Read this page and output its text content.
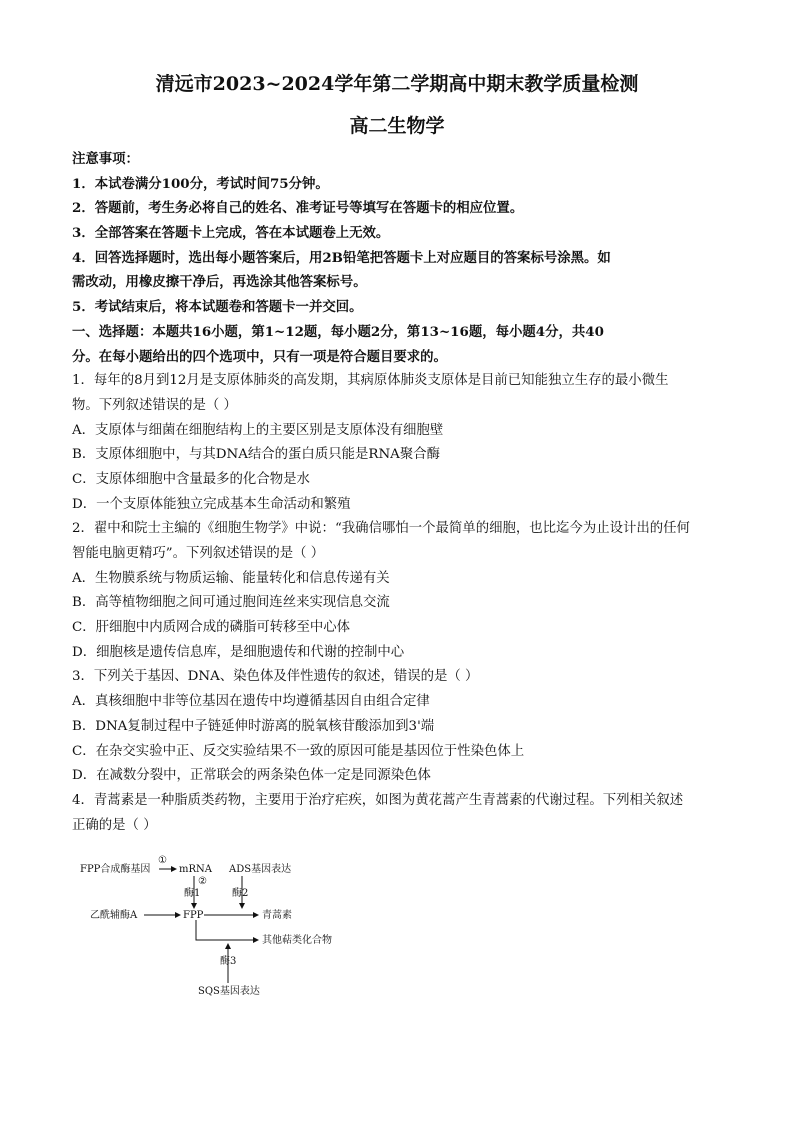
清远市2023~2024学年第二学期高中期末教学质量检测
高二生物学
注意事项：
1．本试卷满分100分，考试时间75分钟。
2．答题前，考生务必将自己的姓名、准考证号等填写在答题卡的相应位置。
3．全部答案在答题卡上完成，答在本试题卷上无效。
4．回答选择题时，选出每小题答案后，用2B铅笔把答题卡上对应题目的答案标号涂黑。如
需改动，用橡皮擦干净后，再选涂其他答案标号。
5．考试结束后，将本试题卷和答题卡一并交回。
一、选择题：本题共16小题，第1~12题，每小题2分，第13~16题，每小题4分，共40
分。在每小题给出的四个选项中，只有一项是符合题目要求的。
1．每年的8月到12月是支原体肺炎的高发期，其病原体肺炎支原体是目前已知能独立生存的最小微生
物。下列叙述错误的是（ ）
A．支原体与细菌在细胞结构上的主要区别是支原体没有细胞壁
B．支原体细胞中，与其DNA结合的蛋白质只能是RNA聚合酶
C．支原体细胞中含量最多的化合物是水
D．一个支原体能独立完成基本生命活动和繁殖
2．翟中和院士主编的《细胞生物学》中说：“我确信哪怕一个最简单的细胞，也比迄今为止设计出的任何
智能电脑更精巧”。下列叙述错误的是（ ）
A．生物膜系统与物质运输、能量转化和信息传递有关
B．高等植物细胞之间可通过胞间连丝来实现信息交流
C．肝细胞中内质网合成的磷脂可转移至中心体
D．细胞核是遗传信息库，是细胞遗传和代谢的控制中心
3．下列关于基因、DNA、染色体及伴性遗传的叙述，错误的是（ ）
A．真核细胞中非等位基因在遗传中均遵循基因自由组合定律
B．DNA复制过程中子链延伸时游离的脱氧核苷酸添加到3'端
C．在杂交实验中正、反交实验结果不一致的原因可能是基因位于性染色体上
D．在减数分裂中，正常联会的两条染色体一定是同源染色体
4．青蒿素是一种脂质类药物，主要用于治疗疟疾，如图为黄花蒿产生青蒿素的代谢过程。下列相关叙述
正确的是（ ）
FPP合成酶基因
①
mRNA ADS基因表达
②
酶1	酶2
乙酰辅酶A	FPP	青蒿素
其他萜类化合物
酶3
SQS基因表达
